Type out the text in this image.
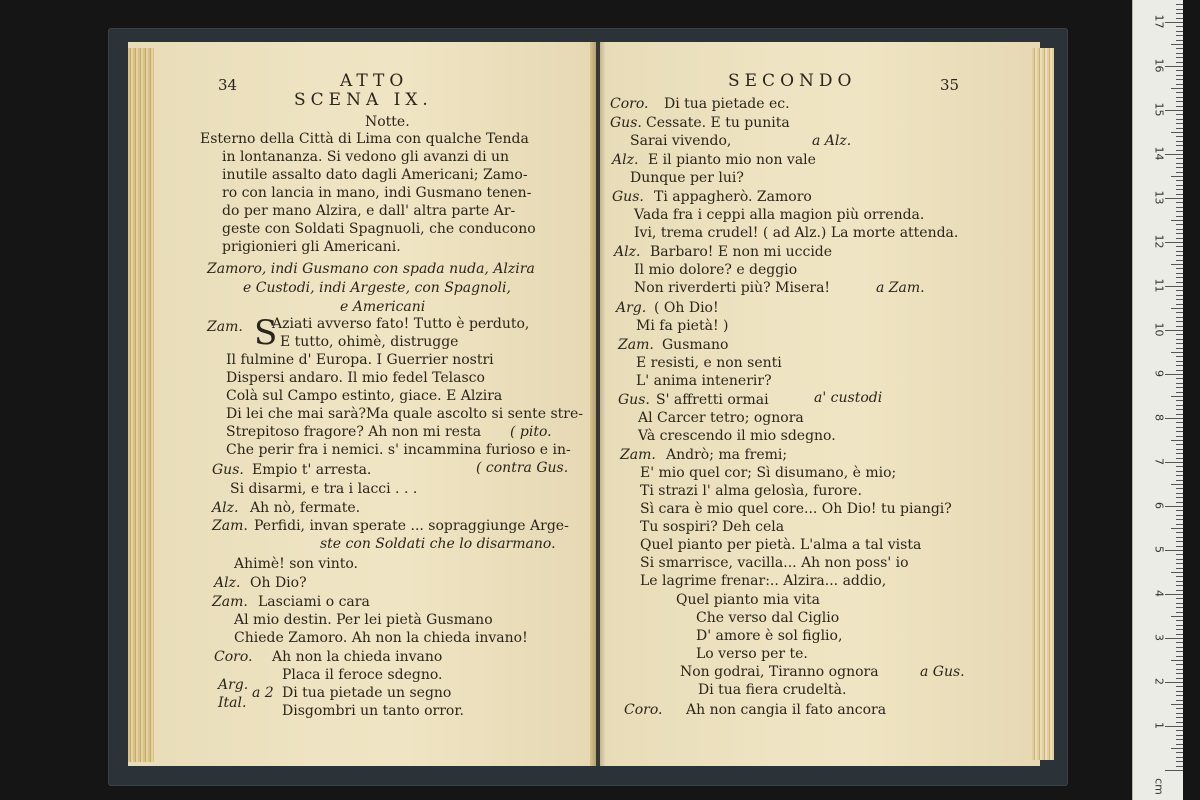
34	ATTO
SCENA IX.
S
SECONDO	35
Notte.
Esterno della Città di Lima con qualche Tenda
in lontananza. Si vedono gli avanzi di un
inutile assalto dato dagli Americani; Zamo-
ro con lancia in mano, indi Gusmano tenen-
do per mano Alzira, e dall' altra parte Ar-
geste con Soldati Spagnuoli, che conducono
prigionieri gli Americani.
Zamoro, indi Gusmano con spada nuda, Alzira
e Custodi, indi Argeste, con Spagnoli,
e Americani
Zam. Aziati avverso fato! Tutto è perduto,
E tutto, ohimè, distrugge
Il fulmine d' Europa. I Guerrier nostri
Dispersi andaro. Il mio fedel Telasco
Colà sul Campo estinto, giace. E Alzira
Di lei che mai sarà?Ma quale ascolto si sente stre-
Strepitoso fragore? Ah non mi resta ( pito.
Che perir fra i nemici. s' incammina furioso e in-
Gus. Empio t' arresta.	( contra Gus.
Si disarmi, e tra i lacci . . .
Alz. Ah nò, fermate.
Zam. Perfidi, invan sperate ... sopraggiunge Arge-
ste con Soldati che lo disarmano.
Ahimè! son vinto.
Alz. Oh Dio?
Zam. Lasciami o cara
Al mio destin. Per lei pietà Gusmano
Chiede Zamoro. Ah non la chieda invano!
Coro. Ah non la chieda invano
Placa il feroce sdegno.
Arg.
Ital.
a 2 Di tua pietade un segno
Disgombri un tanto orror.
Coro. Di tua pietade ec.
Gus. Cessate. E tu punita
Sarai vivendo,	a Alz.
Alz. E il pianto mio non vale
Dunque per lui?
Gus. Ti appagherò. Zamoro
Vada fra i ceppi alla magion più orrenda.
Ivi, trema crudel! ( ad Alz.) La morte attenda.
Alz. Barbaro! E non mi uccide
Il mio dolore? e deggio
Non riverderti più? Misera!	a Zam.
Arg. ( Oh Dio!
Mi fa pietà! )
Zam. Gusmano
E resisti, e non senti
L' anima intenerir?
Gus. S' affretti ormai	a' custodi
Al Carcer tetro; ognora
Và crescendo il mio sdegno.
Zam. Andrò; ma fremi;
E' mio quel cor; Sì disumano, è mio;
Ti strazi l' alma gelosìa, furore.
Sì cara è mio quel core... Oh Dio! tu piangi?
Tu sospiri? Deh cela
Quel pianto per pietà. L'alma a tal vista
Si smarrisce, vacilla... Ah non poss' io
Le lagrime frenar:.. Alzira... addio,
Quel pianto mia vita
Che verso dal Ciglio
D' amore è sol figlio,
Lo verso per te.
Non godrai, Tiranno ognora	a Gus.
Di tua fiera crudeltà.
Coro. Ah non cangia il fato ancora
cm
1
2
3
4
5
6
7
8
9
10
11
12
13
14
15
16
17
